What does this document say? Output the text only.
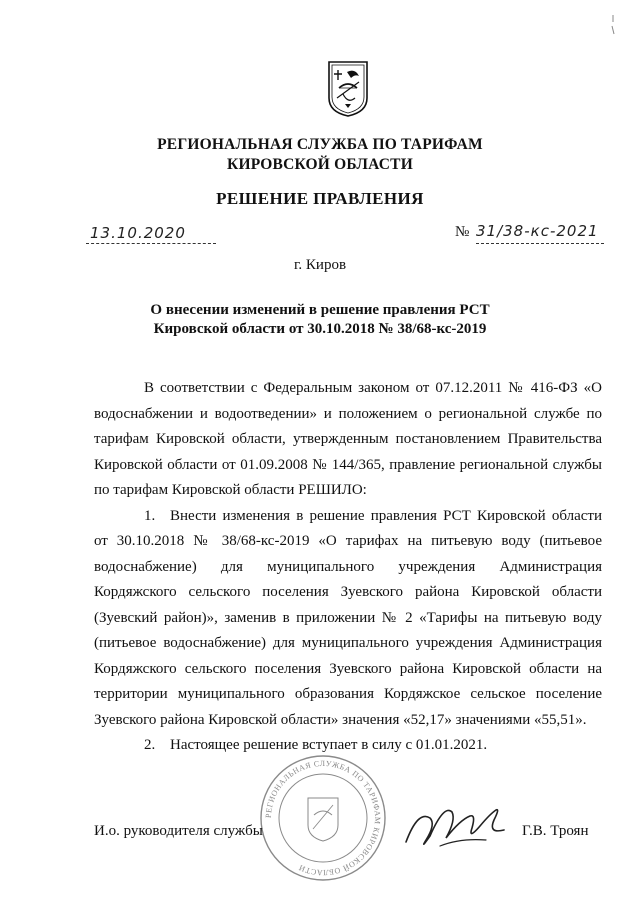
РЕГИОНАЛЬНАЯ СЛУЖБА ПО ТАРИФАМ
КИРОВСКОЙ ОБЛАСТИ
РЕШЕНИЕ ПРАВЛЕНИЯ
13.10.2020	№ 31/38-кс-2021
г. Киров
О внесении изменений в решение правления РСТ Кировской области от 30.10.2018 № 38/68-кс-2019

В соответствии с Федеральным законом от 07.12.2011 № 416-ФЗ «О водоснабжении и водоотведении» и положением о региональной службе по тарифам Кировской области, утвержденным постановлением Правительства Кировской области от 01.09.2008 № 144/365, правление региональной службы по тарифам Кировской области РЕШИЛО:

1. Внести изменения в решение правления РСТ Кировской области от 30.10.2018 № 38/68-кс-2019 «О тарифах на питьевую воду (питьевое водоснабжение) для муниципального учреждения Администрация Кордяжского сельского поселения Зуевского района Кировской области (Зуевский район)», заменив в приложении № 2 «Тарифы на питьевую воду (питьевое водоснабжение) для муниципального учреждения Администрация Кордяжского сельского поселения Зуевского района Кировской области на территории муниципального образования Кордяжское сельское поселение Зуевского района Кировской области» значения «52,17» значениями «55,51».

2. Настоящее решение вступает в силу с 01.01.2021.

РЕГИОНАЛЬНАЯ СЛУЖБА ПО ТАРИФАМ КИРОВСКОЙ ОБЛАСТИ
И.о. руководителя службы	Г.В. Троян
